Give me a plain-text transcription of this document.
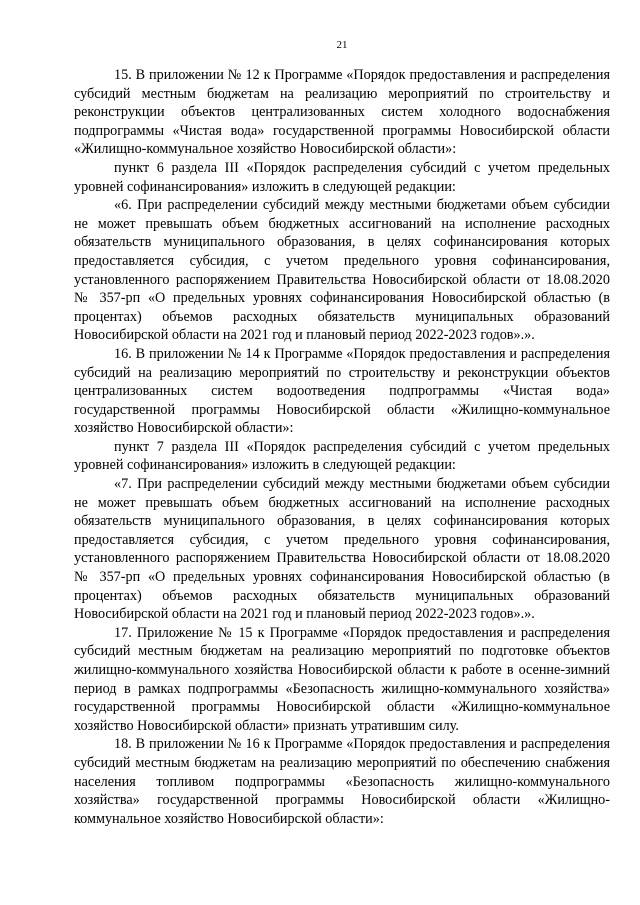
21

15. В приложении № 12 к Программе «Порядок предоставления и распределения субсидий местным бюджетам на реализацию мероприятий по строительству и реконструкции объектов централизованных систем холодного водоснабжения подпрограммы «Чистая вода» государственной программы Новосибирской области «Жилищно-коммунальное хозяйство Новосибирской области»:

пункт 6 раздела III «Порядок распределения субсидий с учетом предельных уровней софинансирования» изложить в следующей редакции:

«6. При распределении субсидий между местными бюджетами объем субсидии не может превышать объем бюджетных ассигнований на исполнение расходных обязательств муниципального образования, в целях софинансирования которых предоставляется субсидия, с учетом предельного уровня софинансирования, установленного распоряжением Правительства Новосибирской области от 18.08.2020 № 357-рп «О предельных уровнях софинансирования Новосибирской областью (в процентах) объемов расходных обязательств муниципальных образований Новосибирской области на 2021 год и плановый период 2022-2023 годов».».

16. В приложении № 14 к Программе «Порядок предоставления и распределения субсидий на реализацию мероприятий по строительству и реконструкции объектов централизованных систем водоотведения подпрограммы «Чистая вода» государственной программы Новосибирской области «Жилищно-коммунальное хозяйство Новосибирской области»:

пункт 7 раздела III «Порядок распределения субсидий с учетом предельных уровней софинансирования» изложить в следующей редакции:

«7. При распределении субсидий между местными бюджетами объем субсидии не может превышать объем бюджетных ассигнований на исполнение расходных обязательств муниципального образования, в целях софинансирования которых предоставляется субсидия, с учетом предельного уровня софинансирования, установленного распоряжением Правительства Новосибирской области от 18.08.2020 № 357-рп «О предельных уровнях софинансирования Новосибирской областью (в процентах) объемов расходных обязательств муниципальных образований Новосибирской области на 2021 год и плановый период 2022-2023 годов».».

17. Приложение № 15 к Программе «Порядок предоставления и распределения субсидий местным бюджетам на реализацию мероприятий по подготовке объектов жилищно-коммунального хозяйства Новосибирской области к работе в осенне-зимний период в рамках подпрограммы «Безопасность жилищно-коммунального хозяйства» государственной программы Новосибирской области «Жилищно-коммунальное хозяйство Новосибирской области» признать утратившим силу.

18. В приложении № 16 к Программе «Порядок предоставления и распределения субсидий местным бюджетам на реализацию мероприятий по обеспечению снабжения населения топливом подпрограммы «Безопасность жилищно-коммунального хозяйства» государственной программы Новосибирской области «Жилищно-коммунальное хозяйство Новосибирской области»:
